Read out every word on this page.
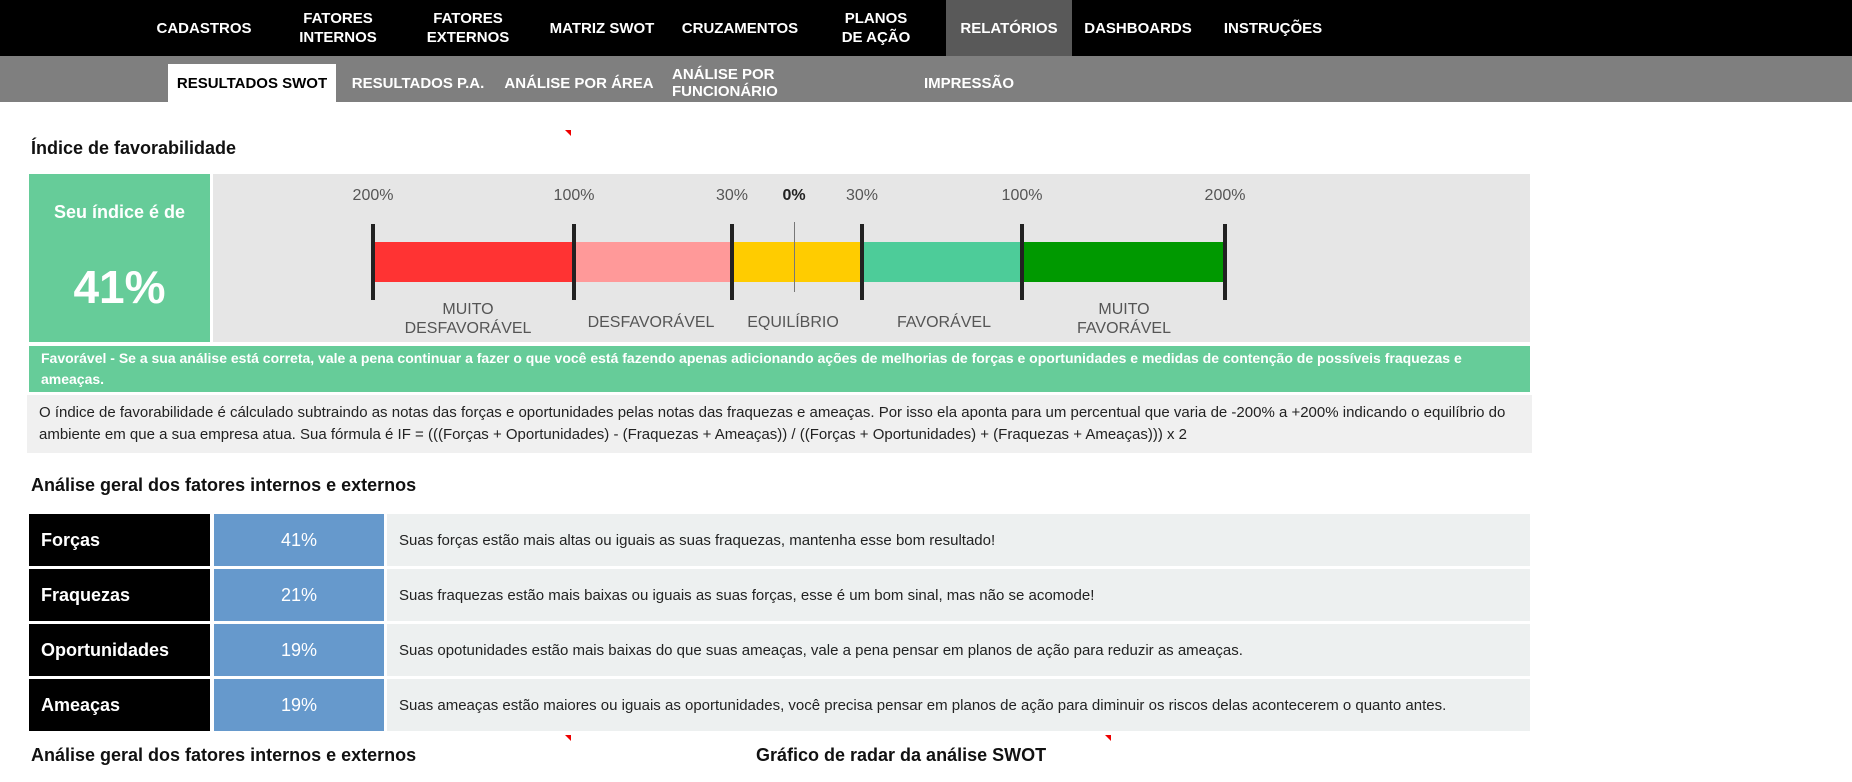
CADASTROS
FATORES
INTERNOS
FATORES
EXTERNOS
MATRIZ SWOT	CRUZAMENTOS
PLANOS
DE AÇÃO
RELATÓRIOS	DASHBOARDS	INSTRUÇÕES
RESULTADOS SWOT	RESULTADOS P.A. ANÁLISE POR ÁREA ANÁLISE POR FUNCIONÁRIO	IMPRESSÃO
Índice de favorabilidade
Seu índice é de
41%
200%	100%	30% 0%	30%	100%	200%
MUITO
DESFAVORÁVEL	DESFAVORÁVEL EQUILÍBRIO	FAVORÁVEL
MUITO
FAVORÁVEL
Favorável - Se a sua análise está correta, vale a pena continuar a fazer o que você está fazendo apenas adicionando ações de melhorias de forças e oportunidades e medidas de contenção de possíveis fraquezas e ameaças.
O índice de favorabilidade é cálculado subtraindo as notas das forças e oportunidades pelas notas das fraquezas e ameaças. Por isso ela aponta para um percentual que varia de -200% a +200% indicando o equilíbrio do ambiente em que a sua empresa atua. Sua fórmula é IF = (((Forças + Oportunidades) - (Fraquezas + Ameaças)) / ((Forças + Oportunidades) + (Fraquezas + Ameaças))) x 2
Análise geral dos fatores internos e externos
Forças	41%	Suas forças estão mais altas ou iguais as suas fraquezas, mantenha esse bom resultado!
Fraquezas	21%	Suas fraquezas estão mais baixas ou iguais as suas forças, esse é um bom sinal, mas não se acomode!
Oportunidades	19%	Suas opotunidades estão mais baixas do que suas ameaças, vale a pena pensar em planos de ação para reduzir as ameaças.
Ameaças	19%	Suas ameaças estão maiores ou iguais as oportunidades, você precisa pensar em planos de ação para diminuir os riscos delas acontecerem o quanto antes.
Análise geral dos fatores internos e externos	Gráfico de radar da análise SWOT
